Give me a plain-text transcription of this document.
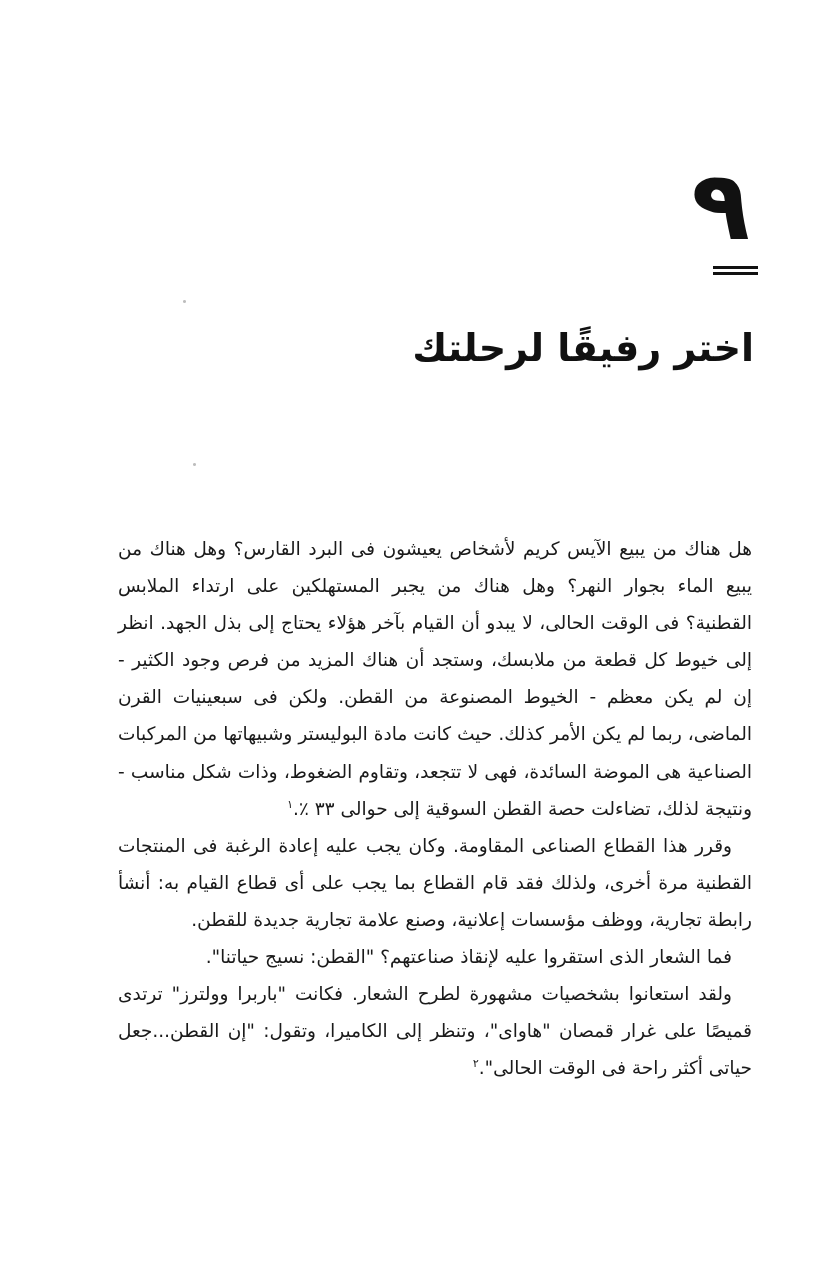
٩
اختر رفيقًا لرحلتك

هل هناك من يبيع الآيس كريم لأشخاص يعيشون فى البرد القارس؟ وهل هناك من يبيع الماء بجوار النهر؟ وهل هناك من يجبر المستهلكين على ارتداء الملابس القطنية؟ فى الوقت الحالى، لا يبدو أن القيام بآخر هؤلاء يحتاج إلى بذل الجهد. انظر إلى خيوط كل قطعة من ملابسك، وستجد أن هناك المزيد من فرص وجود الكثير - إن لم يكن معظم - الخيوط المصنوعة من القطن. ولكن فى سبعينيات القرن الماضى، ربما لم يكن الأمر كذلك. حيث كانت مادة البوليستر وشبيهاتها من المركبات الصناعية هى الموضة السائدة، فهى لا تتجعد، وتقاوم الضغوط، وذات شكل مناسب - ونتيجة لذلك، تضاءلت حصة القطن السوقية إلى حوالى ٣٣ ٪.$^١$

وقرر هذا القطاع الصناعى المقاومة. وكان يجب عليه إعادة الرغبة فى المنتجات القطنية مرة أخرى، ولذلك فقد قام القطاع بما يجب على أى قطاع القيام به: أنشأ رابطة تجارية، ووظف مؤسسات إعلانية، وصنع علامة تجارية جديدة للقطن.

فما الشعار الذى استقروا عليه لإنقاذ صناعتهم؟ "القطن: نسيج حياتنا".

ولقد استعانوا بشخصيات مشهورة لطرح الشعار. فكانت "باربرا وولترز" ترتدى قميصًا على غرار قمصان "هاواى"، وتنظر إلى الكاميرا، وتقول: "إن القطن...جعل حياتى أكثر راحة فى الوقت الحالى".$^٢$
